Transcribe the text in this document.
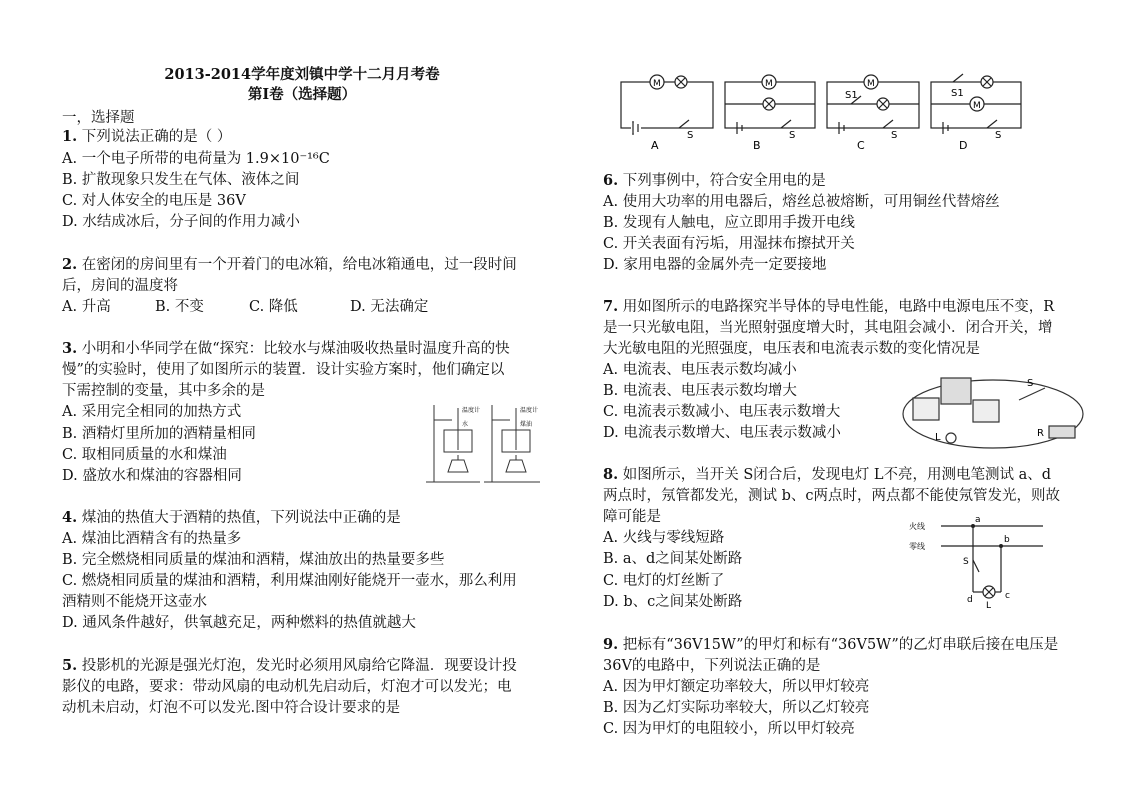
2013-2014学年度刘镇中学十二月月考卷
第I卷（选择题）
一，选择题
1. 下列说法正确的是（ ）
A. 一个电子所带的电荷量为 1.9×10⁻¹⁶C
B. 扩散现象只发生在气体、液体之间
C. 对人体安全的电压是 36V
D. 水结成冰后，分子间的作用力减小
2. 在密闭的房间里有一个开着门的电冰箱，给电冰箱通电，过一段时间
后，房间的温度将
A. 升高	B. 不变	C. 降低	D. 无法确定
3. 小明和小华同学在做“探究：比较水与煤油吸收热量时温度升高的快
慢”的实验时，使用了如图所示的装置．设计实验方案时，他们确定以
下需控制的变量，其中多余的是
A. 采用完全相同的加热方式
B. 酒精灯里所加的酒精量相同
C. 取相同质量的水和煤油
D. 盛放水和煤油的容器相同
温度计
水
温度计
煤油
4. 煤油的热值大于酒精的热值，下列说法中正确的是
A. 煤油比酒精含有的热量多
B. 完全燃烧相同质量的煤油和酒精，煤油放出的热量要多些
C. 燃烧相同质量的煤油和酒精，利用煤油刚好能烧开一壶水，那么利用
酒精则不能烧开这壶水
D. 通风条件越好，供氧越充足，两种燃料的热值就越大
5. 投影机的光源是强光灯泡，发光时必须用风扇给它降温．现要设计投
影仪的电路，要求：带动风扇的电动机先启动后，灯泡才可以发光；电
动机未启动，灯泡不可以发光.图中符合设计要求的是
M	M	M
M
S	S	S	S
S1	S1
A	B	C	D
6. 下列事例中，符合安全用电的是
A. 使用大功率的用电器后，熔丝总被熔断，可用铜丝代替熔丝
B. 发现有人触电，应立即用手拨开电线
C. 开关表面有污垢，用湿抹布擦拭开关
D. 家用电器的金属外壳一定要接地
7. 用如图所示的电路探究半导体的导电性能，电路中电源电压不变，R
是一只光敏电阻，当光照射强度增大时，其电阻会减小．闭合开关，增
大光敏电阻的光照强度，电压表和电流表示数的变化情况是
A. 电流表、电压表示数均减小
B. 电流表、电压表示数均增大
C. 电流表示数减小、电压表示数增大
D. 电流表示数增大、电压表示数减小
S
R
L
8. 如图所示，当开关 S闭合后，发现电灯 L不亮，用测电笔测试 a、d
两点时，氖管都发光，测试 b、c两点时，两点都不能使氖管发光，则故
障可能是
A. 火线与零线短路
B. a、d之间某处断路
C. 电灯的灯丝断了
D. b、c之间某处断路
火线
零线
a
b
c
d
S
L
9. 把标有“36V15W”的甲灯和标有“36V5W”的乙灯串联后接在电压是
36V的电路中，下列说法正确的是
A. 因为甲灯额定功率较大，所以甲灯较亮
B. 因为乙灯实际功率较大，所以乙灯较亮
C. 因为甲灯的电阻较小，所以甲灯较亮
